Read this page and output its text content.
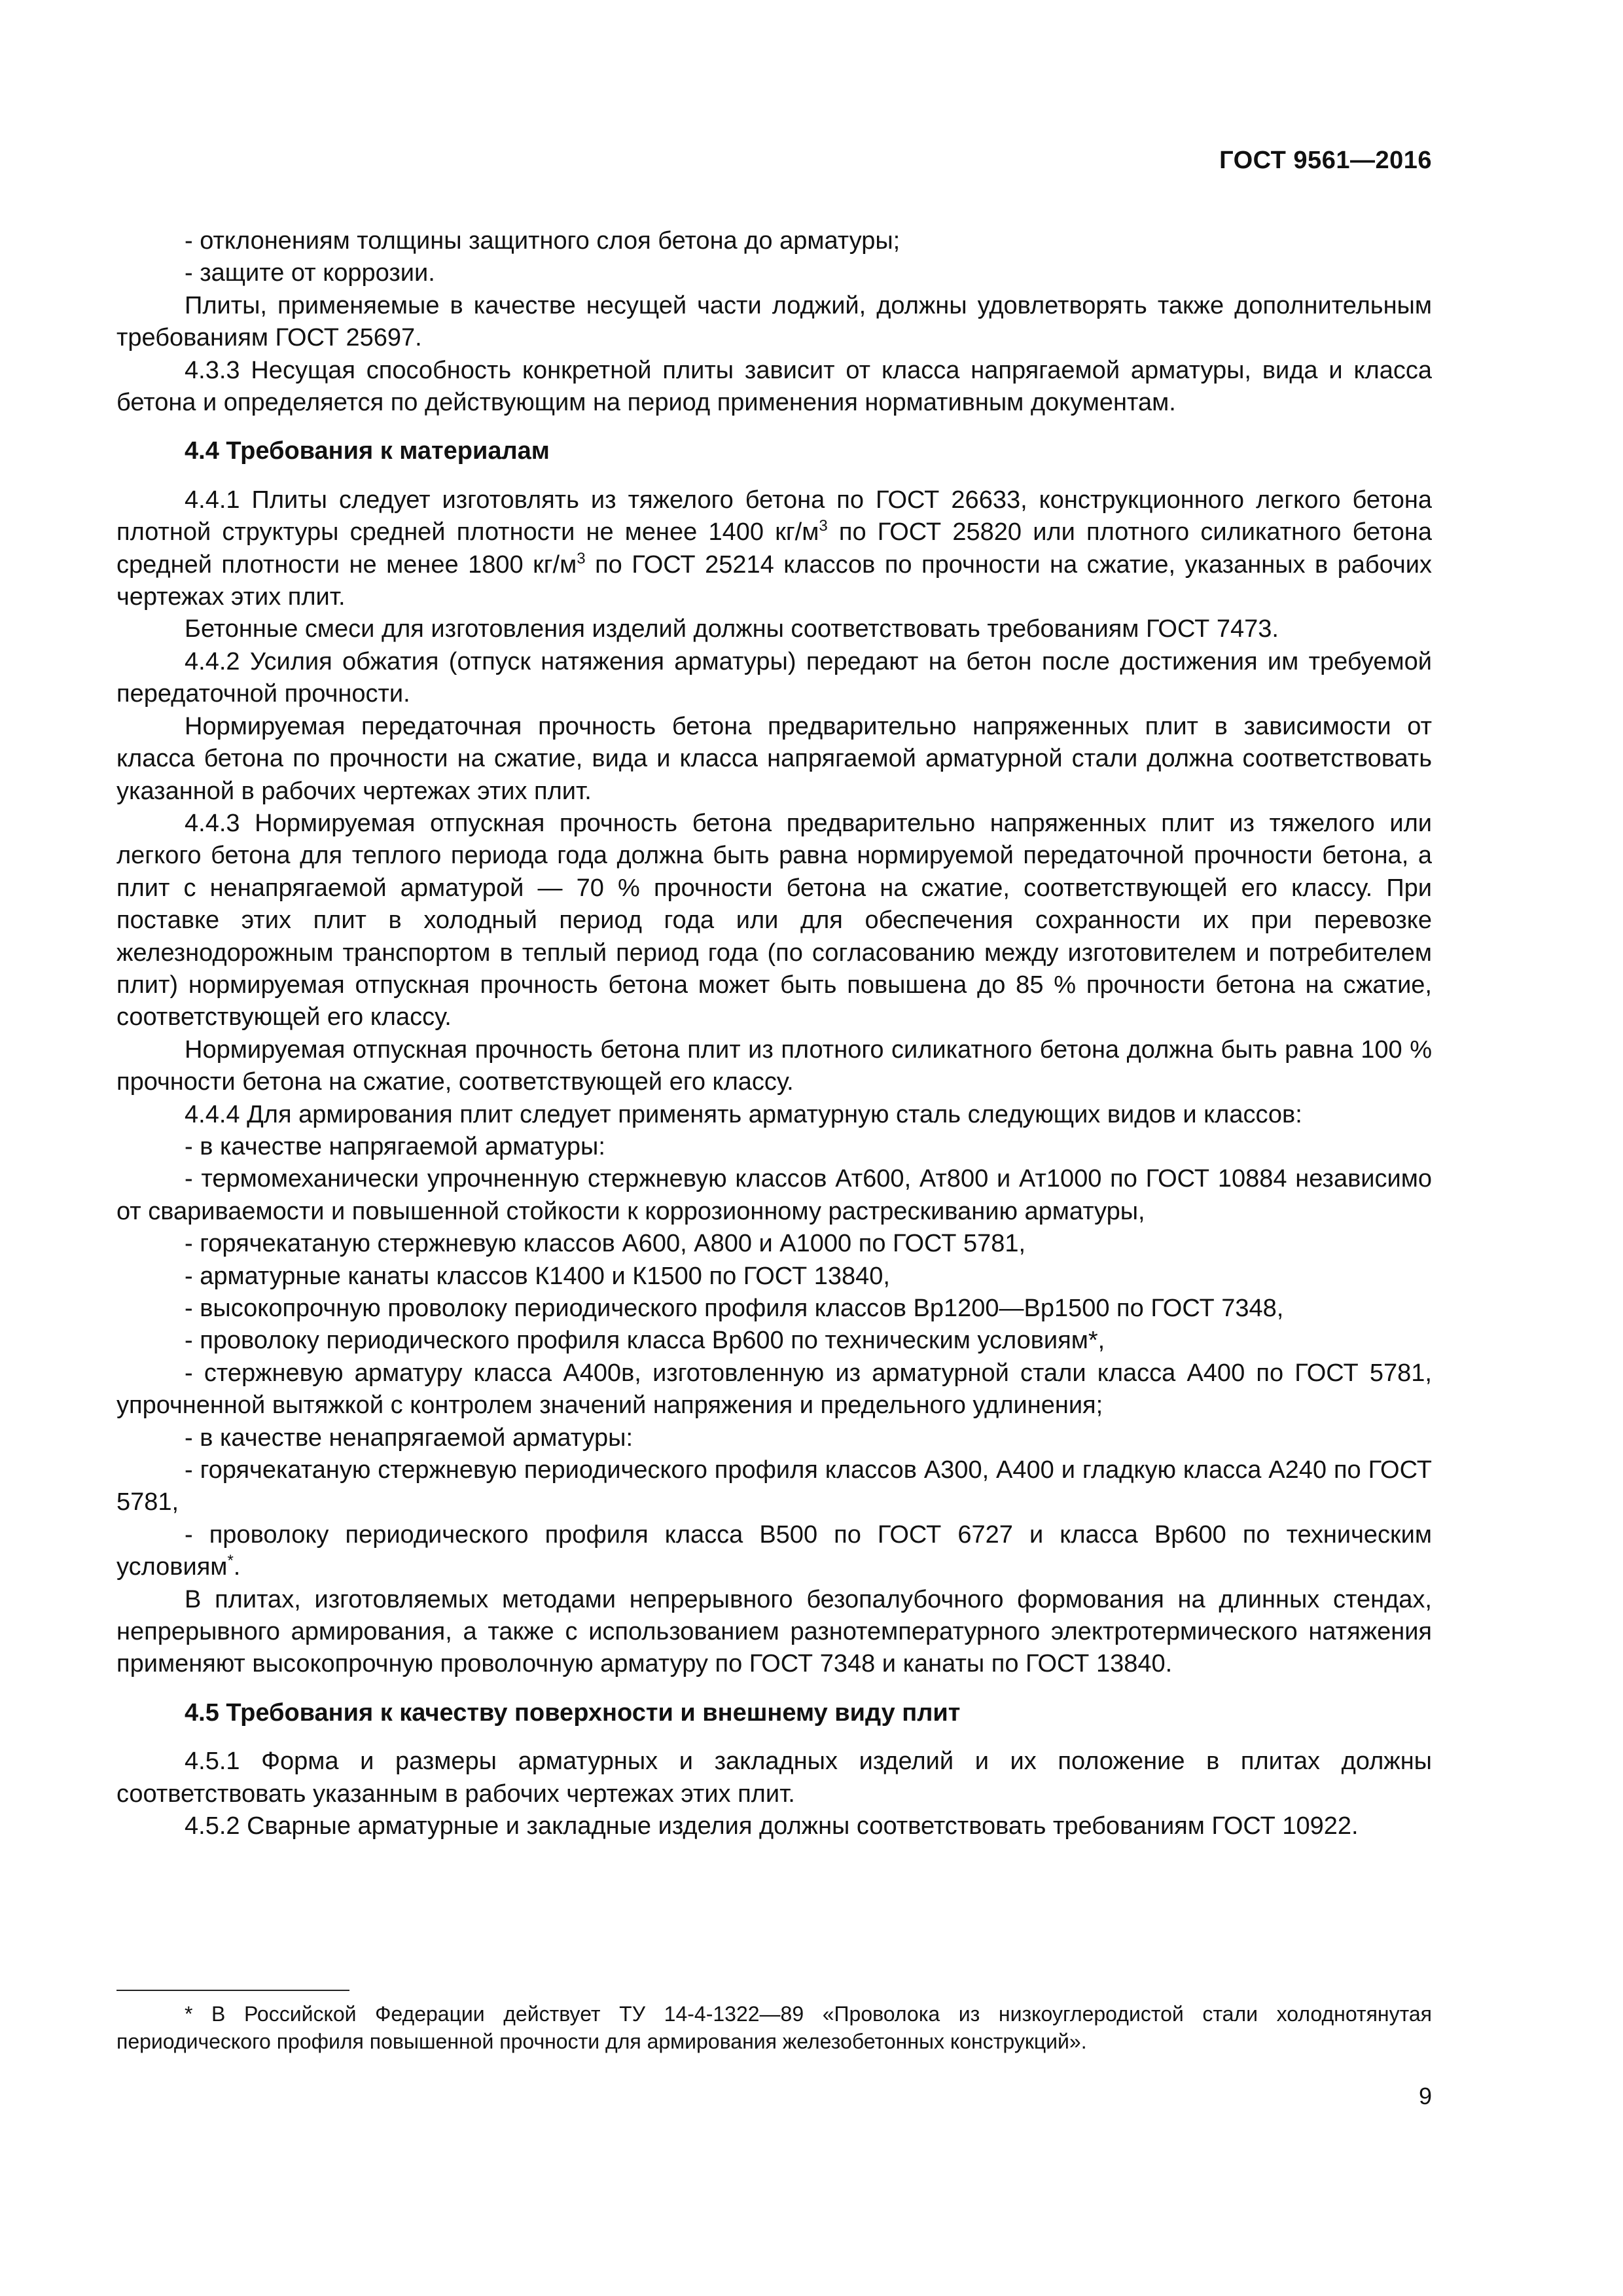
ГОСТ 9561—2016

- отклонениям толщины защитного слоя бетона до арматуры;

- защите от коррозии.

Плиты, применяемые в качестве несущей части лоджий, должны удовлетворять также дополнительным требованиям ГОСТ 25697.

4.3.3 Несущая способность конкретной плиты зависит от класса напрягаемой арматуры, вида и класса бетона и определяется по действующим на период применения нормативным документам.

4.4 Требования к материалам

4.4.1 Плиты следует изготовлять из тяжелого бетона по ГОСТ 26633, конструкционного легкого бетона плотной структуры средней плотности не менее 1400 $кг/м^3$ по ГОСТ 25820 или плотного силикатного бетона средней плотности не менее 1800 $кг/м^3$ по ГОСТ 25214 классов по прочности на сжатие, указанных в рабочих чертежах этих плит.

Бетонные смеси для изготовления изделий должны соответствовать требованиям ГОСТ 7473.

4.4.2 Усилия обжатия (отпуск натяжения арматуры) передают на бетон после достижения им требуемой передаточной прочности.

Нормируемая передаточная прочность бетона предварительно напряженных плит в зависимости от класса бетона по прочности на сжатие, вида и класса напрягаемой арматурной стали должна соответствовать указанной в рабочих чертежах этих плит.

4.4.3 Нормируемая отпускная прочность бетона предварительно напряженных плит из тяжелого или легкого бетона для теплого периода года должна быть равна нормируемой передаточной прочности бетона, а плит с ненапрягаемой арматурой — 70 % прочности бетона на сжатие, соответствующей его классу. При поставке этих плит в холодный период года или для обеспечения сохранности их при перевозке железнодорожным транспортом в теплый период года (по согласованию между изготовителем и потребителем плит) нормируемая отпускная прочность бетона может быть повышена до 85 % прочности бетона на сжатие, соответствующей его классу.

Нормируемая отпускная прочность бетона плит из плотного силикатного бетона должна быть равна 100 % прочности бетона на сжатие, соответствующей его классу.

4.4.4 Для армирования плит следует применять арматурную сталь следующих видов и классов:

- в качестве напрягаемой арматуры:

- термомеханически упрочненную стержневую классов Ат600, Ат800 и Ат1000 по ГОСТ 10884 независимо от свариваемости и повышенной стойкости к коррозионному растрескиванию арматуры,

- горячекатаную стержневую классов А600, А800 и А1000 по ГОСТ 5781,

- арматурные канаты классов К1400 и К1500 по ГОСТ 13840,

- высокопрочную проволоку периодического профиля классов Вр1200—Вр1500 по ГОСТ 7348,

- проволоку периодического профиля класса Вр600 по техническим условиям*,

- стержневую арматуру класса А400в, изготовленную из арматурной стали класса А400 по ГОСТ 5781, упрочненной вытяжкой с контролем значений напряжения и предельного удлинения;

- в качестве ненапрягаемой арматуры:

- горячекатаную стержневую периодического профиля классов А300, А400 и гладкую класса А240 по ГОСТ 5781,

- проволоку периодического профиля класса В500 по ГОСТ 6727 и класса Вр600 по техническим условиям*.

В плитах, изготовляемых методами непрерывного безопалубочного формования на длинных стендах, непрерывного армирования, а также с использованием разнотемпературного электротермического натяжения применяют высокопрочную проволочную арматуру по ГОСТ 7348 и канаты по ГОСТ 13840.

4.5 Требования к качеству поверхности и внешнему виду плит

4.5.1 Форма и размеры арматурных и закладных изделий и их положение в плитах должны соответствовать указанным в рабочих чертежах этих плит.

4.5.2 Сварные арматурные и закладные изделия должны соответствовать требованиям ГОСТ 10922.

* В Российской Федерации действует ТУ 14-4-1322—89 «Проволока из низкоуглеродистой стали холоднотянутая периодического профиля повышенной прочности для армирования железобетонных конструкций».

9
